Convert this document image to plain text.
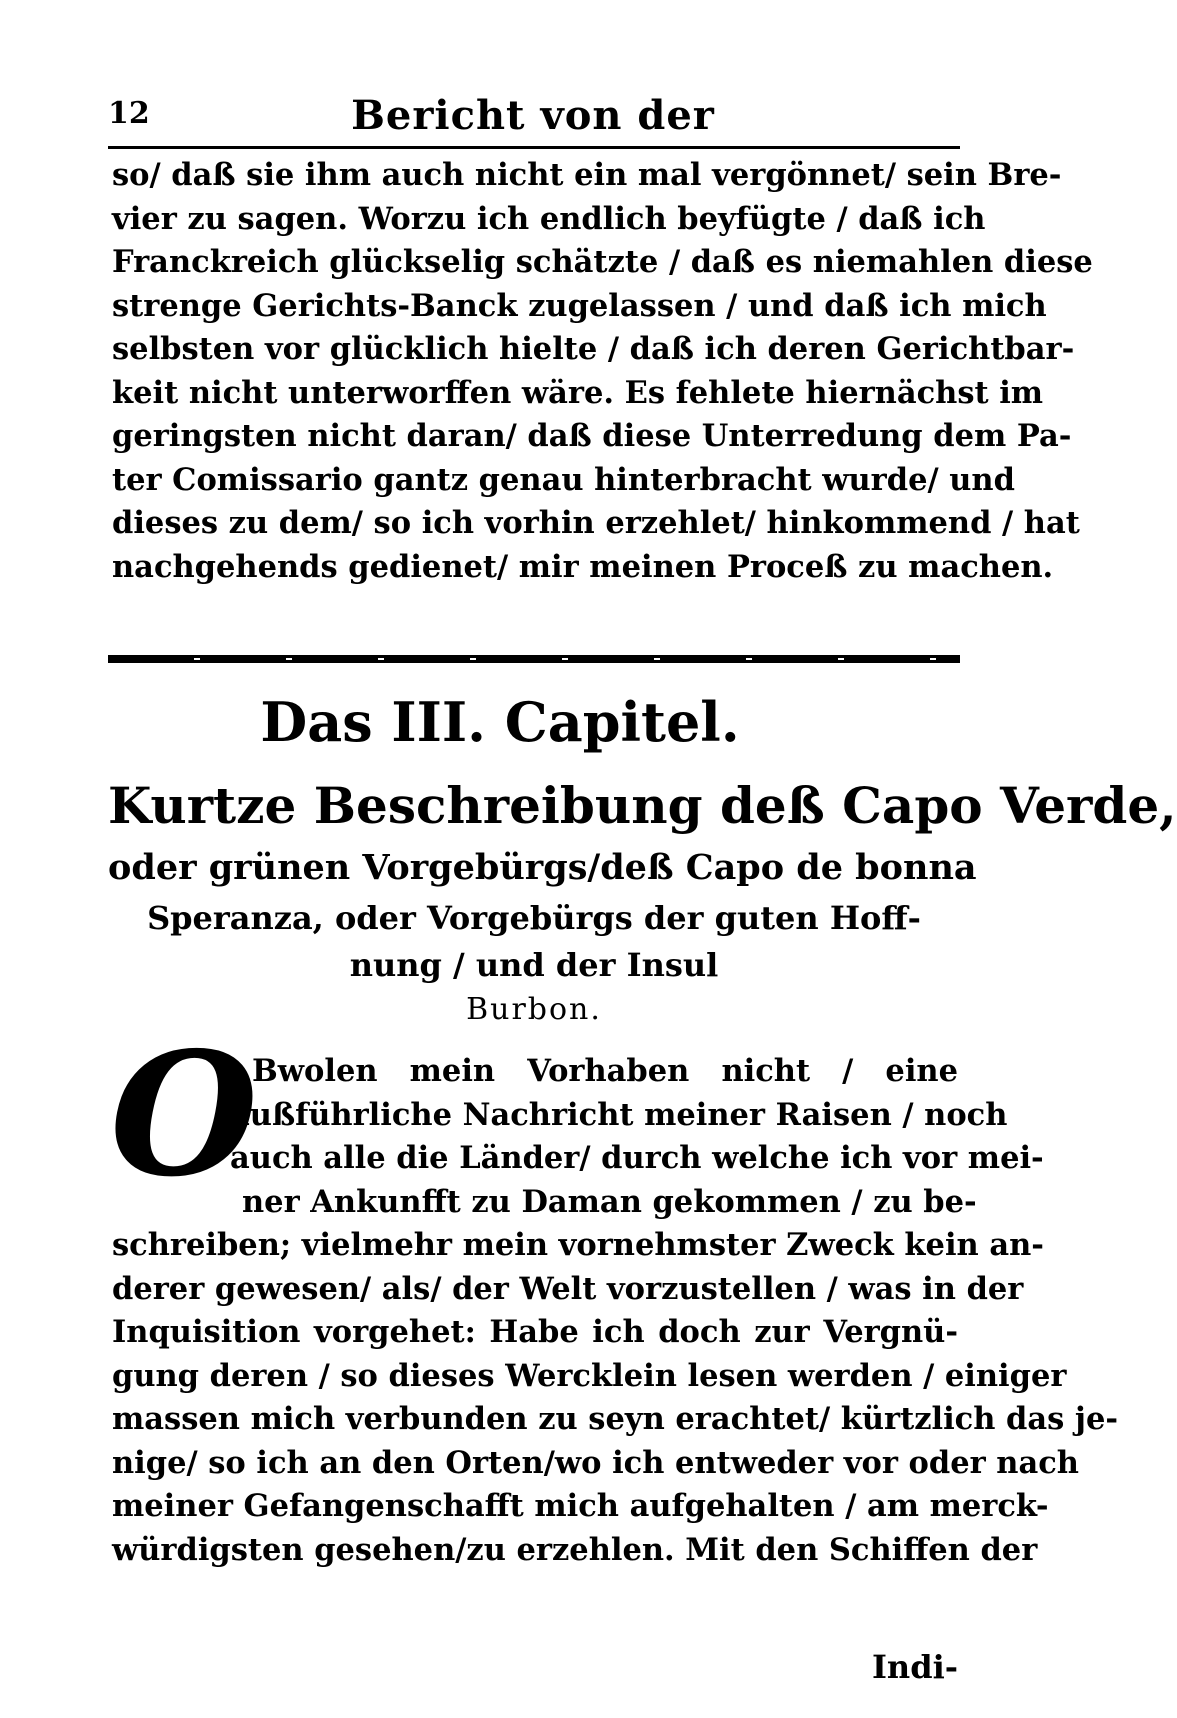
12	Bericht von der
so/ daß sie ihm auch nicht ein mal vergönnet/ sein Bre-
vier zu sagen. Worzu ich endlich beyfügte / daß ich
Franckreich glückselig schätzte / daß es niemahlen diese
strenge Gerichts-Banck zugelassen / und daß ich mich
selbsten vor glücklich hielte / daß ich deren Gerichtbar-
keit nicht unterworffen wäre. Es fehlete hiernächst im
geringsten nicht daran/ daß diese Unterredung dem Pa-
ter Comissario gantz genau hinterbracht wurde/ und
dieses zu dem/ so ich vorhin erzehlet/ hinkommend / hat
nachgehends gedienet/ mir meinen Proceß zu machen.
Das III. Capitel.
Kurtze Beschreibung deß Capo Verde,
oder grünen Vorgebürgs/deß Capo de bonna
Speranza, oder Vorgebürgs der guten Hoff-
nung / und der Insul
Burbon.
O
Bwolen mein Vorhaben nicht / eine
außführliche Nachricht meiner Raisen / noch
auch alle die Länder/ durch welche ich vor mei-
ner Ankunfft zu Daman gekommen / zu be-
schreiben; vielmehr mein vornehmster Zweck kein an-
derer gewesen/ als/ der Welt vorzustellen / was in der
Inquisition vorgehet: Habe ich doch zur Vergnü-
gung deren / so dieses Wercklein lesen werden / einiger
massen mich verbunden zu seyn erachtet/ kürtzlich das je-
nige/ so ich an den Orten/wo ich entweder vor oder nach
meiner Gefangenschafft mich aufgehalten / am merck-
würdigsten gesehen/zu erzehlen. Mit den Schiffen der
Indi-
